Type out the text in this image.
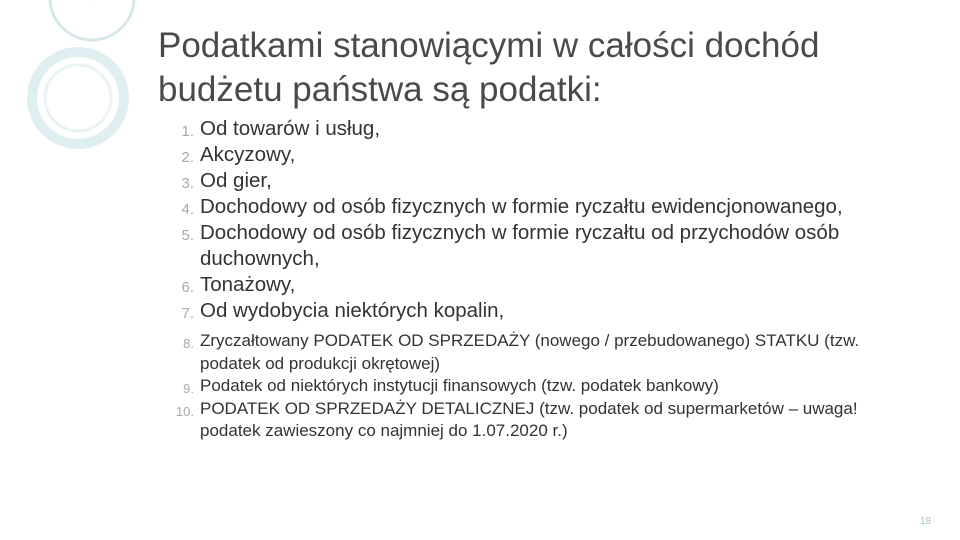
Podatkami stanowiącymi w całości dochód budżetu państwa są podatki:
1. Od towarów i usług,
2. Akcyzowy,
3. Od gier,
4. Dochodowy od osób fizycznych w formie ryczałtu ewidencjonowanego,
5. Dochodowy od osób fizycznych w formie ryczałtu od przychodów osób duchownych,
6. Tonażowy,
7. Od wydobycia niektórych kopalin,
8. Zryczałtowany PODATEK OD SPRZEDAŻY (nowego / przebudowanego) STATKU (tzw. podatek od produkcji okrętowej)
9. Podatek od niektórych instytucji finansowych (tzw. podatek bankowy)
10. PODATEK OD SPRZEDAŻY DETALICZNEJ (tzw. podatek od supermarketów – uwaga! podatek zawieszony co najmniej do 1.07.2020 r.)
18
